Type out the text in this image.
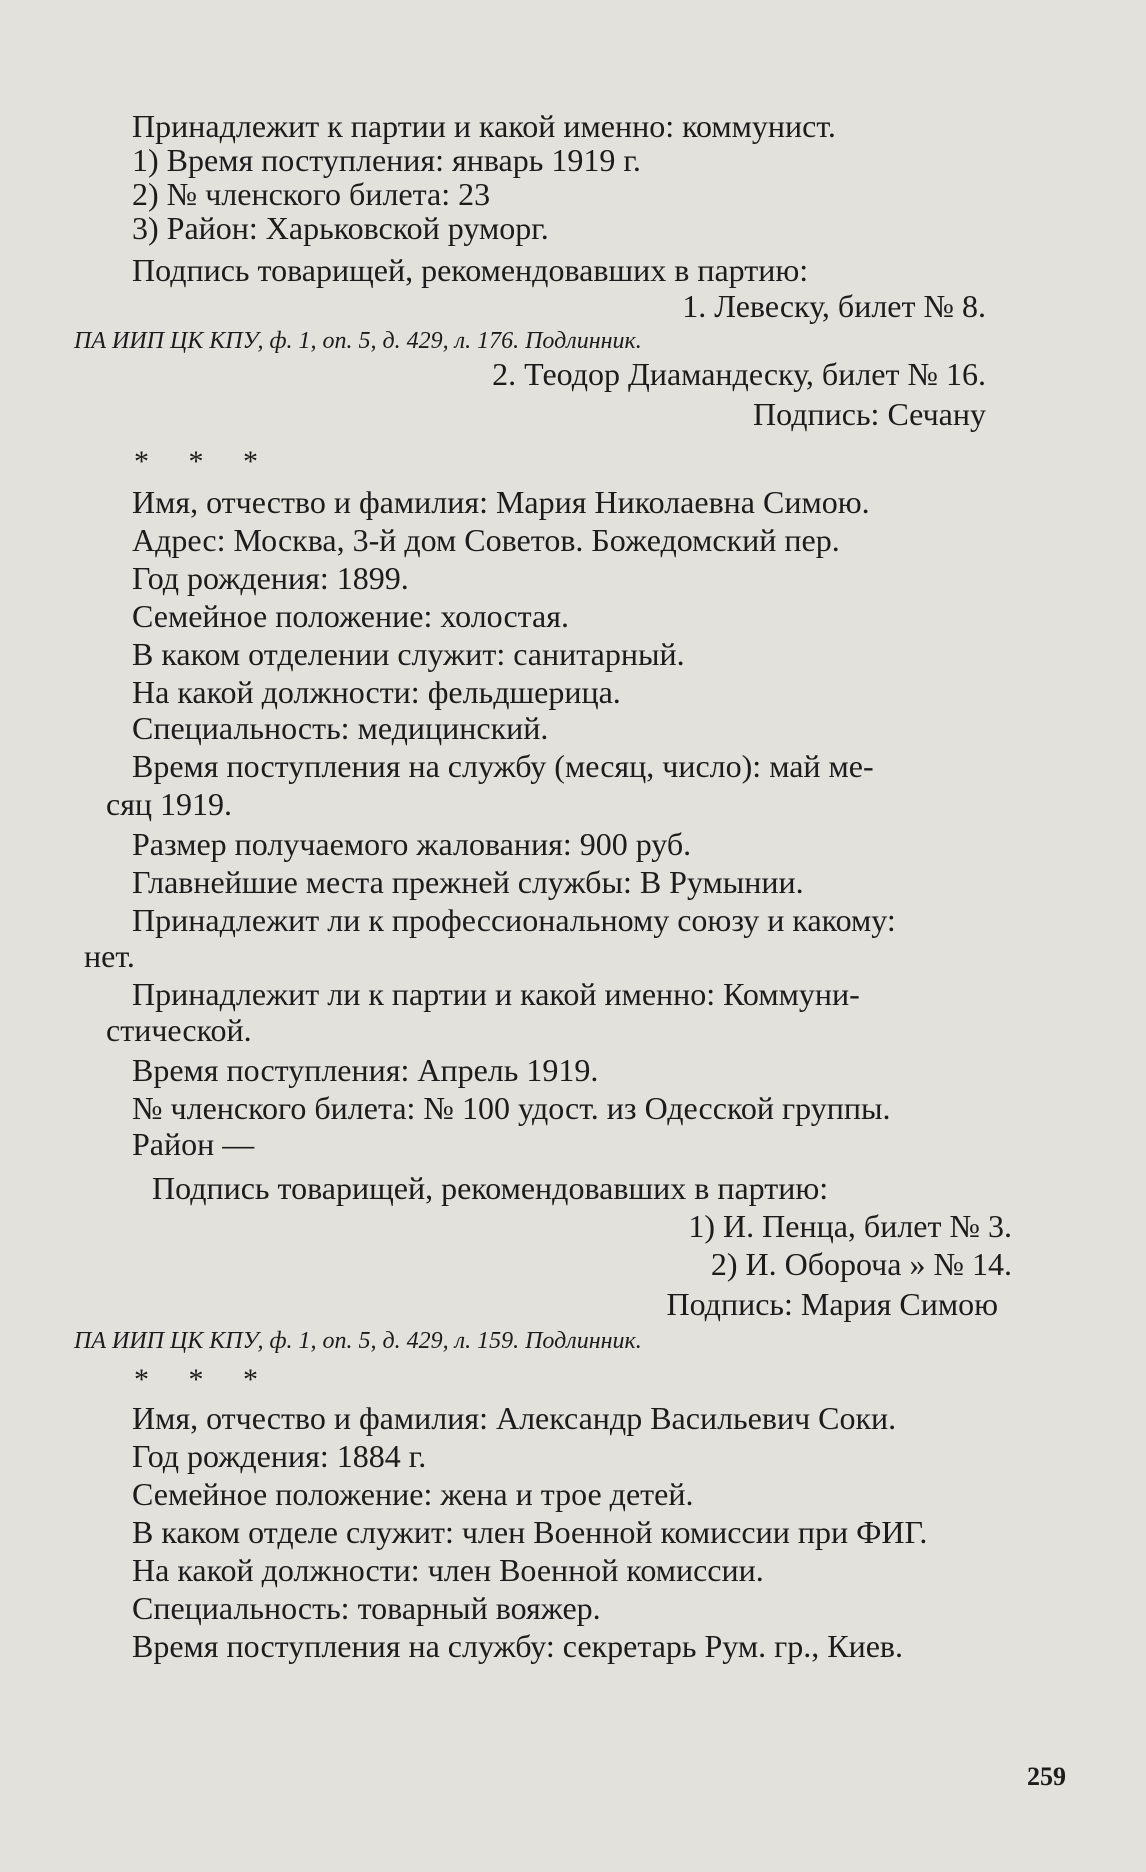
Принадлежит к партии и какой именно: коммунист.
1) Время поступления: январь 1919 г.
2) № членского билета: 23
3) Район: Харьковской руморг.
Подпись товарищей, рекомендовавших в партию:
1. Левеску, билет № 8.
ПА ИИП ЦК КПУ, ф. 1, оп. 5, д. 429, л. 176. Подлинник.
2. Теодор Диамандеску, билет № 16.
Подпись: Сечану
* * *
Имя, отчество и фамилия: Мария Николаевна Симою.
Адрес: Москва, 3-й дом Советов. Божедомский пер.
Год рождения: 1899.
Семейное положение: холостая.
В каком отделении служит: санитарный.
На какой должности: фельдшерица.
Специальность: медицинский.
Время поступления на службу (месяц, число): май ме-
сяц 1919.
Размер получаемого жалования: 900 руб.
Главнейшие места прежней службы: В Румынии.
Принадлежит ли к профессиональному союзу и какому:
нет.
Принадлежит ли к партии и какой именно: Коммуни-
стической.
Время поступления: Апрель 1919.
№ членского билета: № 100 удост. из Одесской группы.
Район —
Подпись товарищей, рекомендовавших в партию:
1) И. Пенца, билет № 3.
2) И. Обороча » № 14.
Подпись: Мария Симою
ПА ИИП ЦК КПУ, ф. 1, оп. 5, д. 429, л. 159. Подлинник.
* * *
Имя, отчество и фамилия: Александр Васильевич Соки.
Год рождения: 1884 г.
Семейное положение: жена и трое детей.
В каком отделе служит: член Военной комиссии при ФИГ.
На какой должности: член Военной комиссии.
Специальность: товарный вояжер.
Время поступления на службу: секретарь Рум. гр., Киев.
259
